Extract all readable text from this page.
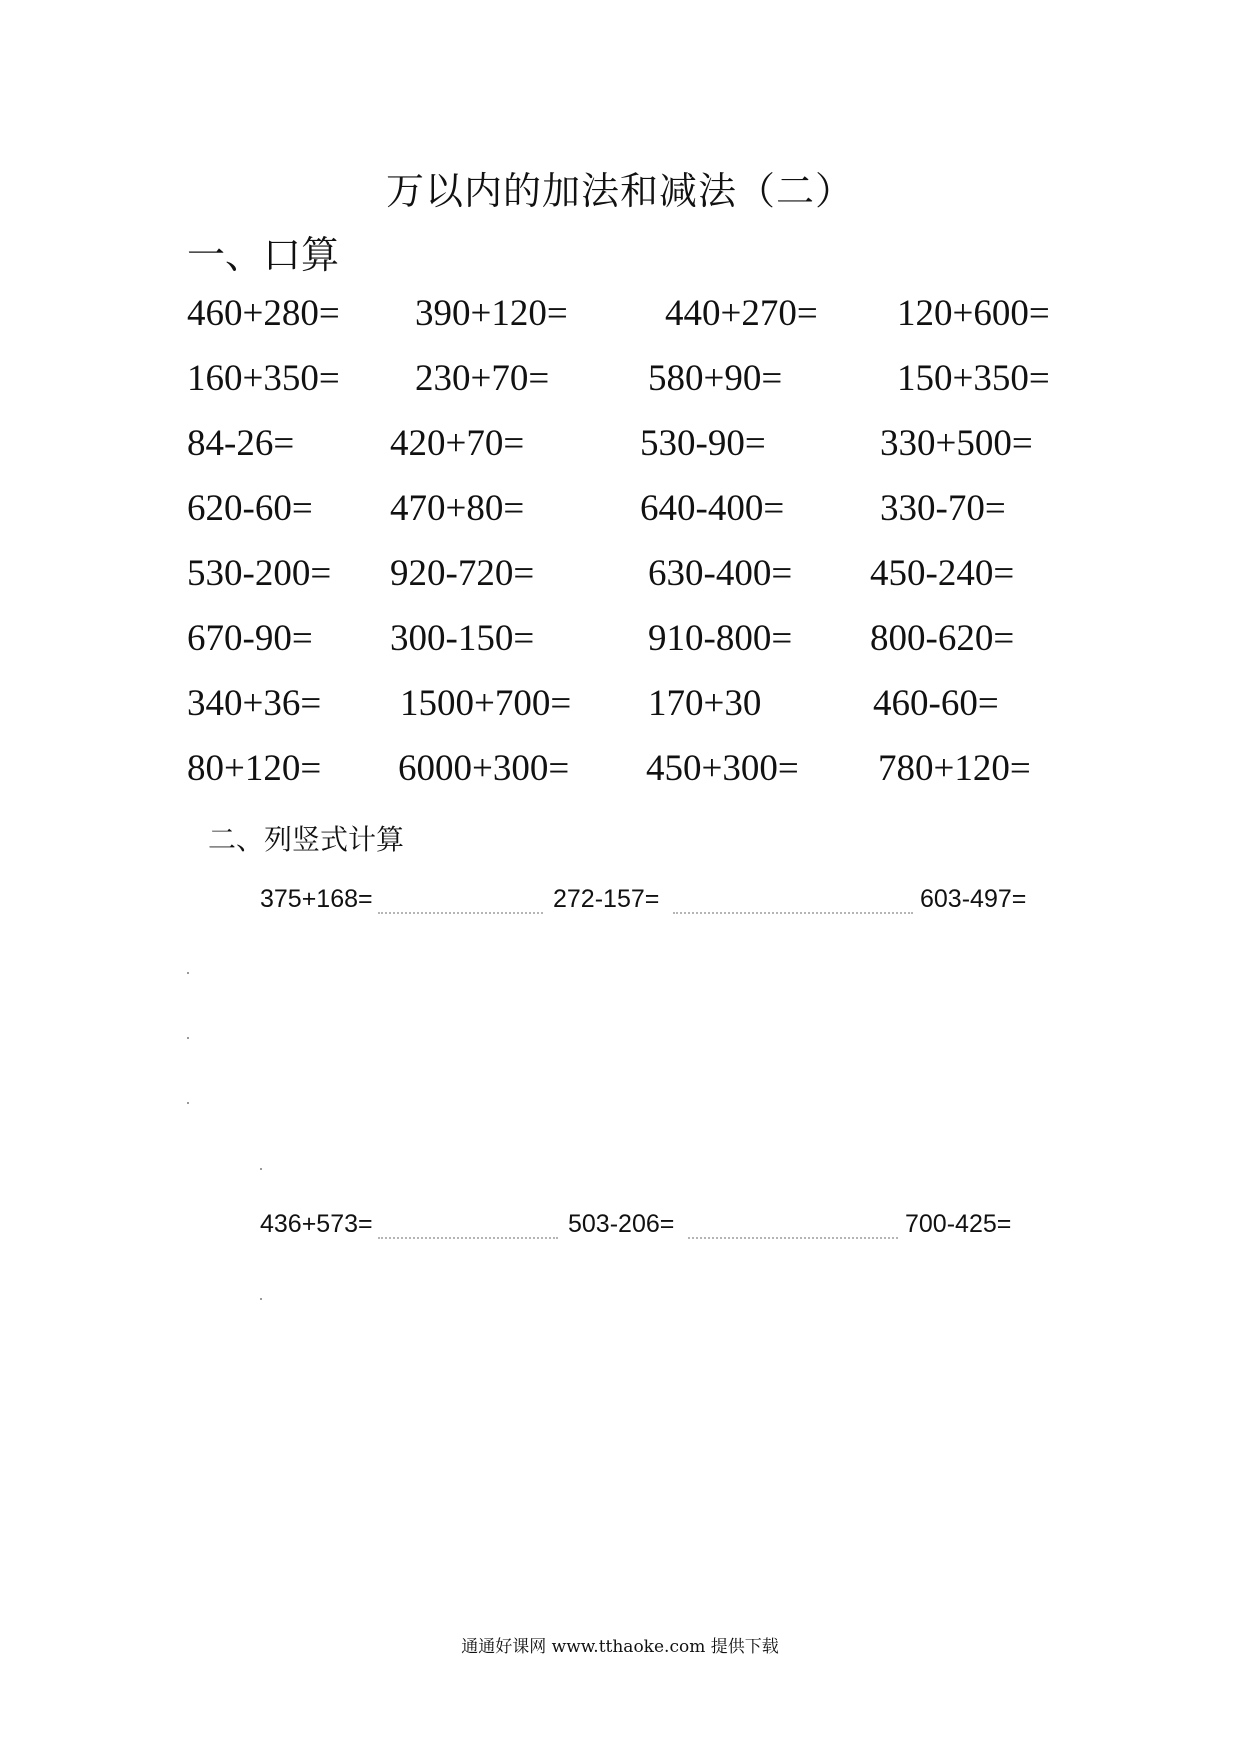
万以内的加法和减法（二）
一、口算
460+280= 390+120=	440+270= 120+600=
160+350= 230+70=	580+90=	150+350=
84-26=	420+70=	530-90=	330+500=
620-60= 470+80=	640-400=	330-70=
530-200= 920-720=	630-400= 450-240=
670-90= 300-150=	910-800= 800-620=
340+36= 1500+700= 170+30	460-60=
80+120= 6000+300= 450+300= 780+120=
二、列竖式计算
375+168=	272-157=	603-497=
436+573=	503-206=	700-425=
通通好课网 www.tthaoke.com 提供下载
